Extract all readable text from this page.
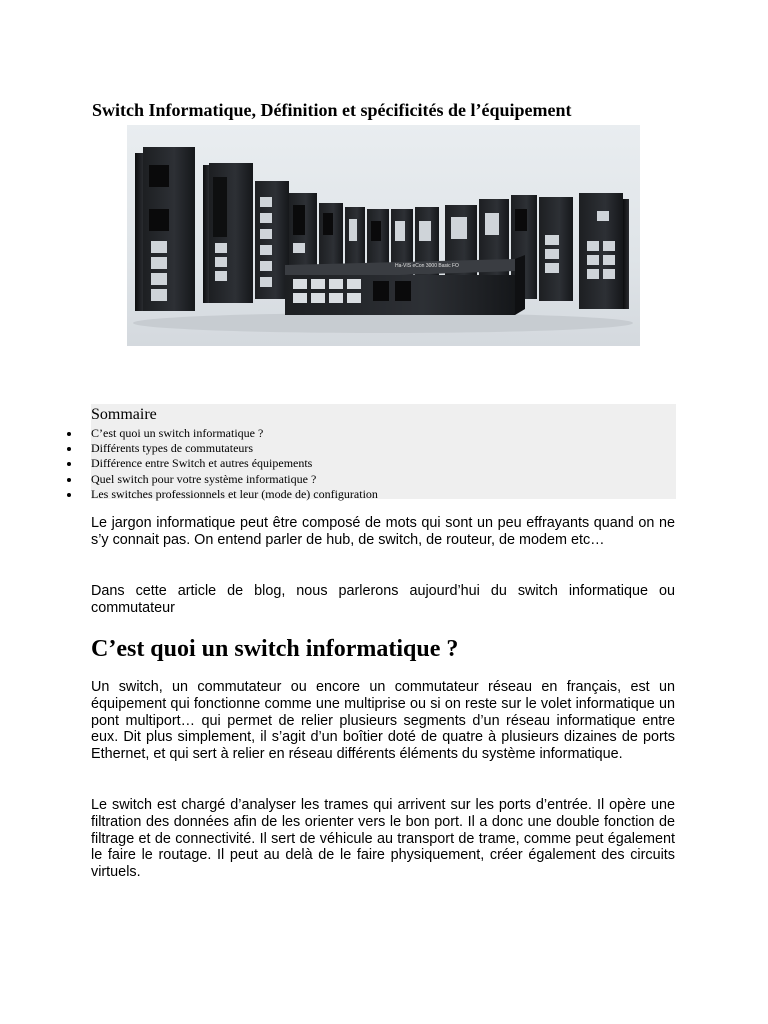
Switch Informatique, Définition et spécificités de l’équipement
Ha-VIS eCon 3000 Basic FO
Sommaire
C’est quoi un switch informatique ?
Différents types de commutateurs
Différence entre Switch et autres équipements
Quel switch pour votre système informatique ?
Les switches professionnels et leur (mode de) configuration

Le jargon informatique peut être composé de mots qui sont un peu effrayants quand on ne s’y connait pas. On entend parler de hub, de switch, de routeur, de modem etc…

Dans cette article de blog, nous parlerons aujourd’hui du switch informatique ou commutateur

C’est quoi un switch informatique ?

Un switch, un commutateur ou encore un commutateur réseau en français, est un équipement qui fonctionne comme une multiprise ou si on reste sur le volet informatique un pont multiport… qui permet de relier plusieurs segments d’un réseau informatique entre eux. Dit plus simplement, il s’agit d’un boîtier doté de quatre à plusieurs dizaines de ports Ethernet, et qui sert à relier en réseau différents éléments du système informatique.

Le switch est chargé d’analyser les trames qui arrivent sur les ports d’entrée. Il opère une filtration des données afin de les orienter vers le bon port. Il a donc une double fonction de filtrage et de connectivité. Il sert de véhicule au transport de trame, comme peut également le faire le routage. Il peut au delà de le faire physiquement, créer également des circuits virtuels.
